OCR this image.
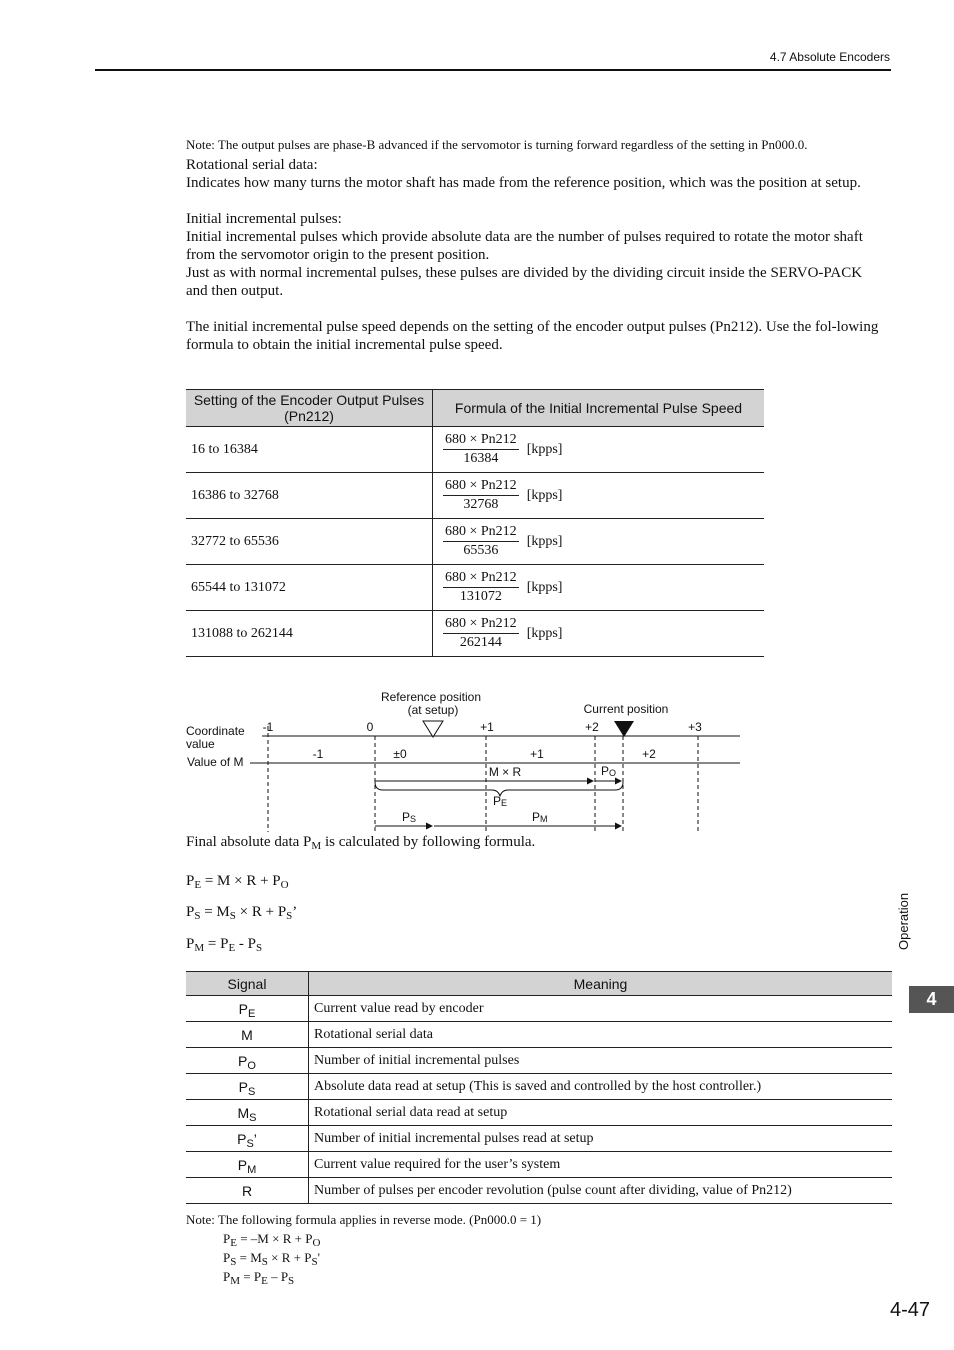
4.7 Absolute Encoders
Note: The output pulses are phase-B advanced if the servomotor is turning forward regardless of the setting in Pn000.0.

Rotational serial data:

Indicates how many turns the motor shaft has made from the reference position, which was the position at setup.

Initial incremental pulses:

Initial incremental pulses which provide absolute data are the number of pulses required to rotate the motor shaft from the servomotor origin to the present position.

Just as with normal incremental pulses, these pulses are divided by the dividing circuit inside the SERVO-PACK and then output.

The initial incremental pulse speed depends on the setting of the encoder output pulses (Pn212). Use the fol-lowing formula to obtain the initial incremental pulse speed.

Setting of the Encoder Output Pulses (Pn212)	Formula of the Initial Incremental Pulse Speed
16 to 16384	$\frac{680 \times Pn212}{16384}$ [kpps]
16386 to 32768	$\frac{680 \times Pn212}{32768}$ [kpps]
32772 to 65536	$\frac{680 \times Pn212}{65536}$ [kpps]
65544 to 131072	$\frac{680 \times Pn212}{131072}$ [kpps]
131088 to 262144	$\frac{680 \times Pn212}{262144}$ [kpps]
Reference position
(at setup)	Current position
Coordinate
value
Value of M
-1	0	+1	+2	+3
-1	±0	+1	+2
M × R	PO
PE
PS	PM
Final absolute data $P_M$ is calculated by following formula.
$P_E = M \times R + P_O$
$P_S = M_S \times R + P_S$’
$P_M = P_E - P_S$
Signal	Meaning
$P_E$	Current value read by encoder
M	Rotational serial data
$P_O$	Number of initial incremental pulses
$P_S$	Absolute data read at setup (This is saved and controlled by the host controller.)
$M_S$	Rotational serial data read at setup
$P_S$’	Number of initial incremental pulses read at setup
$P_M$	Current value required for the user’s system
R	Number of pulses per encoder revolution (pulse count after dividing, value of Pn212)
Note: The following formula applies in reverse mode. (Pn000.0 = 1)
$P_E = -M \times R + P_O$
$P_S = M_S \times R + P_S'$
$P_M = P_E - P_S$
Operation
4
4-47
